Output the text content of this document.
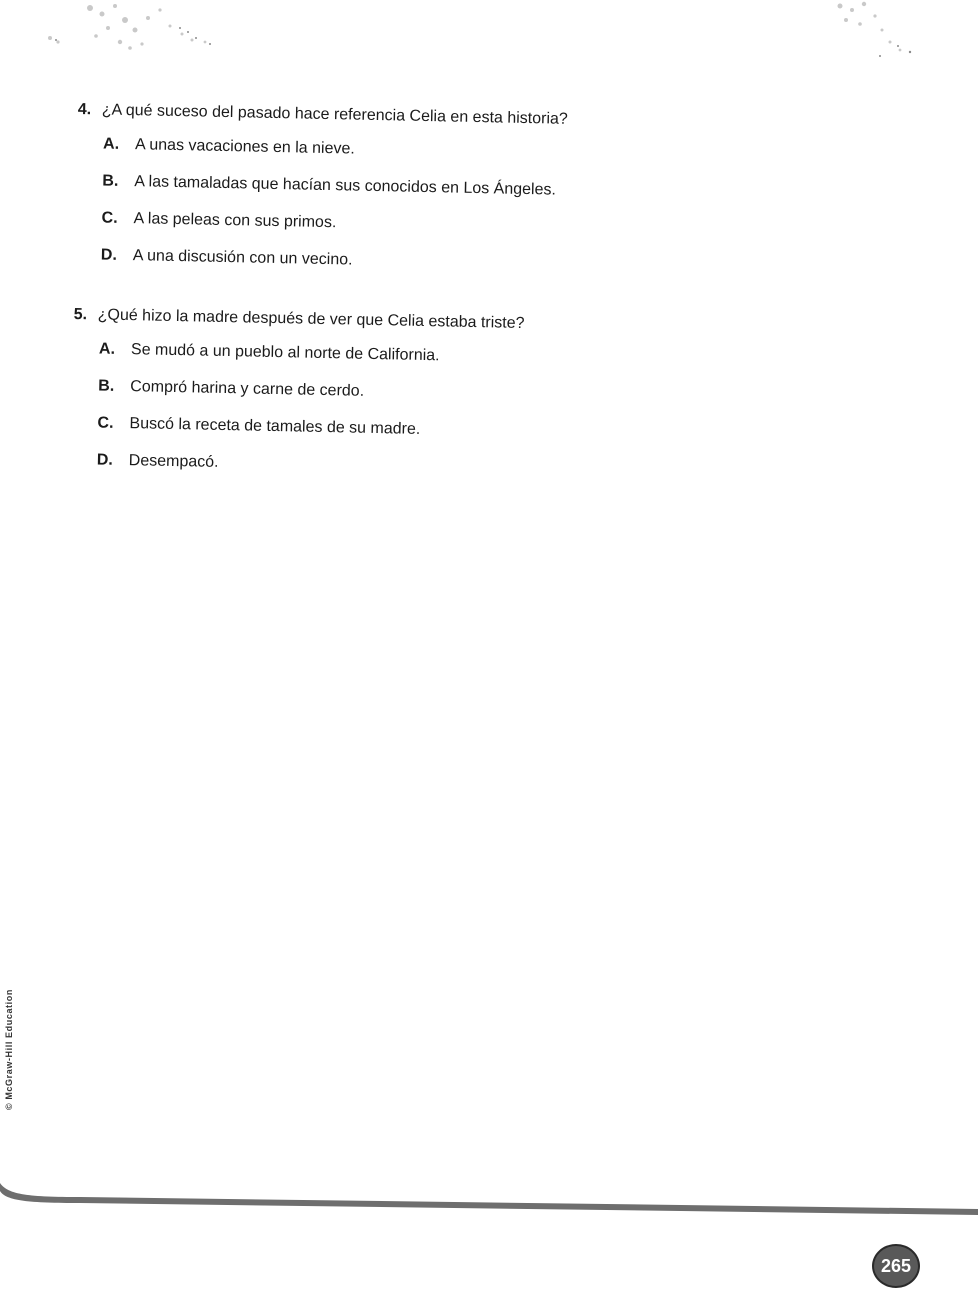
4. ¿A qué suceso del pasado hace referencia Celia en esta historia?
A. A unas vacaciones en la nieve.
B. A las tamaladas que hacían sus conocidos en Los Ángeles.
C. A las peleas con sus primos.
D. A una discusión con un vecino.
5. ¿Qué hizo la madre después de ver que Celia estaba triste?
A. Se mudó a un pueblo al norte de California.
B. Compró harina y carne de cerdo.
C. Buscó la receta de tamales de su madre.
D. Desempacó.
© McGraw-Hill Education
265
